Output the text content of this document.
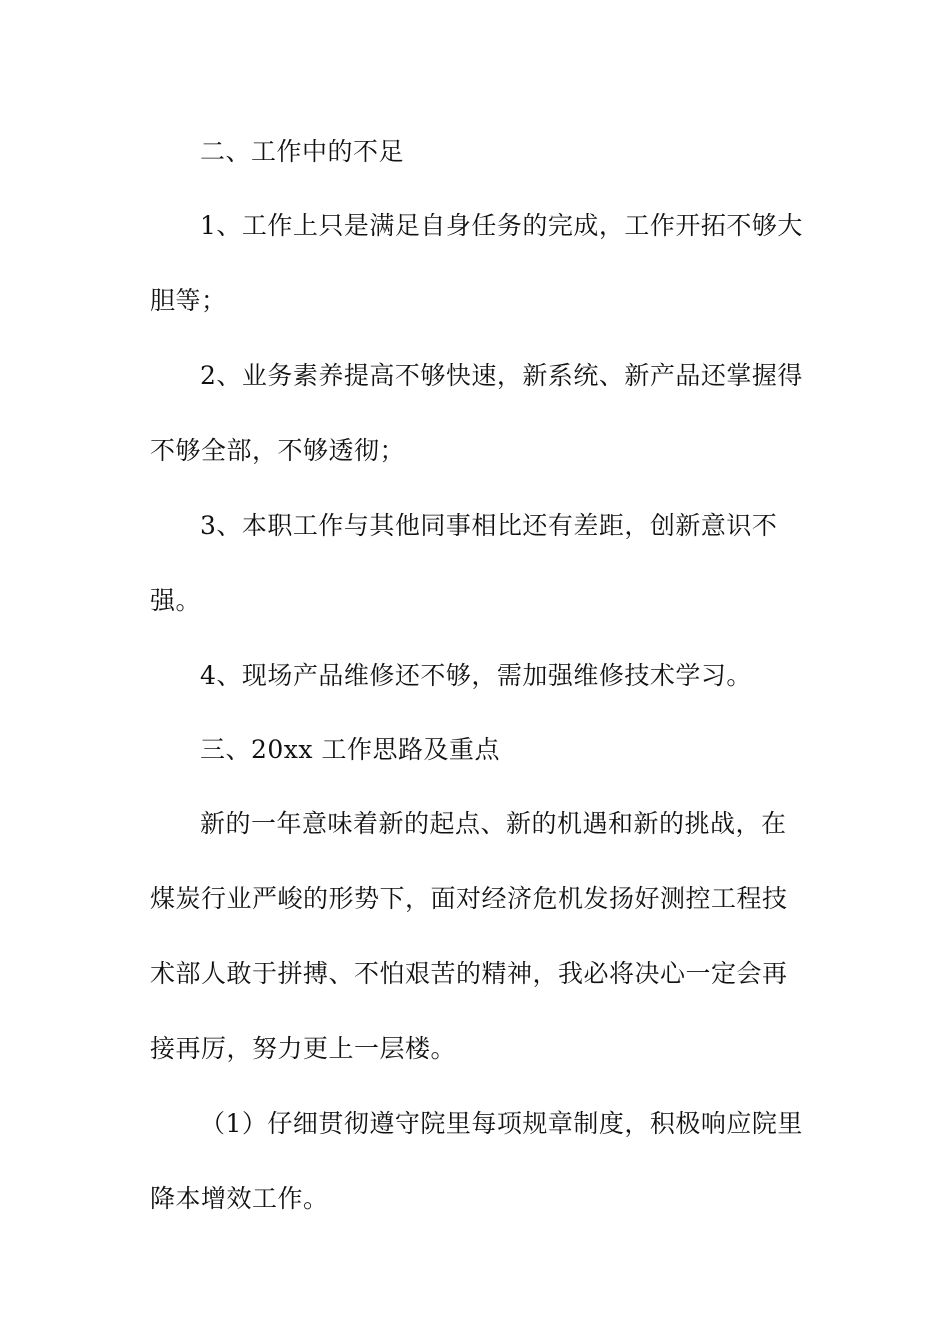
二、工作中的不足
1、工作上只是满足自身任务的完成，工作开拓不够大
胆等；
2、业务素养提高不够快速，新系统、新产品还掌握得
不够全部，不够透彻；
3、本职工作与其他同事相比还有差距，创新意识不
强。
4、现场产品维修还不够，需加强维修技术学习。
三、20xx 工作思路及重点
新的一年意味着新的起点、新的机遇和新的挑战，在
煤炭行业严峻的形势下，面对经济危机发扬好测控工程技
术部人敢于拼搏、不怕艰苦的精神，我必将决心一定会再
接再厉，努力更上一层楼。
（1）仔细贯彻遵守院里每项规章制度，积极响应院里
降本增效工作。
